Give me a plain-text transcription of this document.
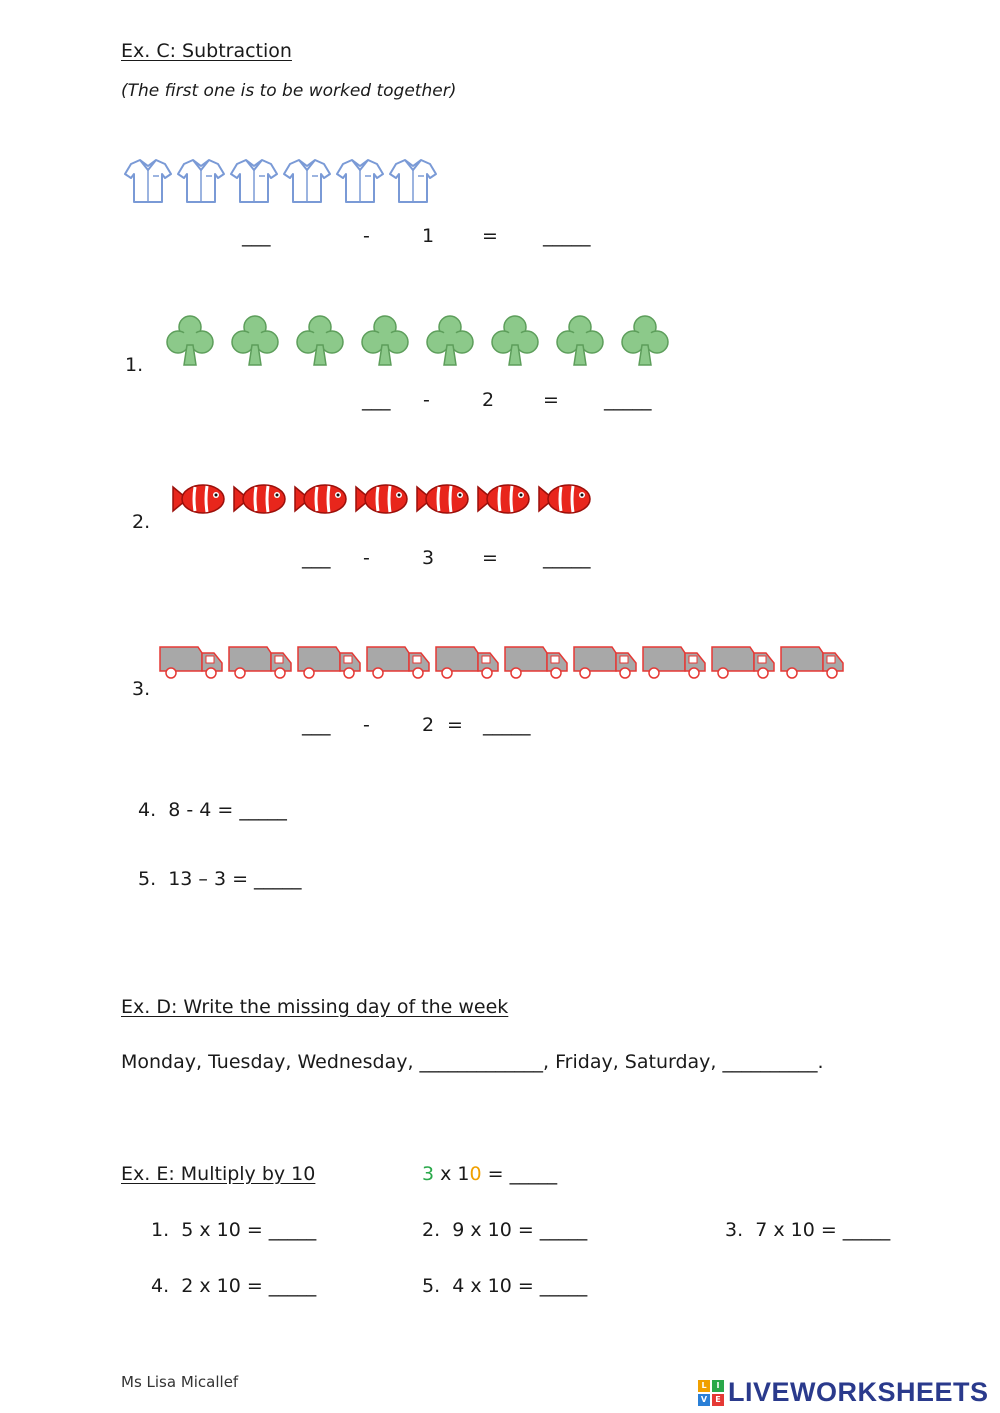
Ex. C: Subtraction
(The first one is to be worked together)
___	-	1	= _____
1.
___ -	2	= _____
2.
___ -	3	= _____
3.
___ -	2 = _____
4.  8 - 4 = _____
5.  13 – 3 = _____
Ex. D: Write the missing day of the week
Monday, Tuesday, Wednesday, _____________, Friday, Saturday, __________.
Ex. E: Multiply by 10	3 x 10 = _____
1.  5 x 10 = _____	2.  9 x 10 = _____	3.  7 x 10 = _____
4.  2 x 10 = _____	5.  4 x 10 = _____
Ms Lisa Micallef	L	I
V	E LIVEWORKSHEETS
